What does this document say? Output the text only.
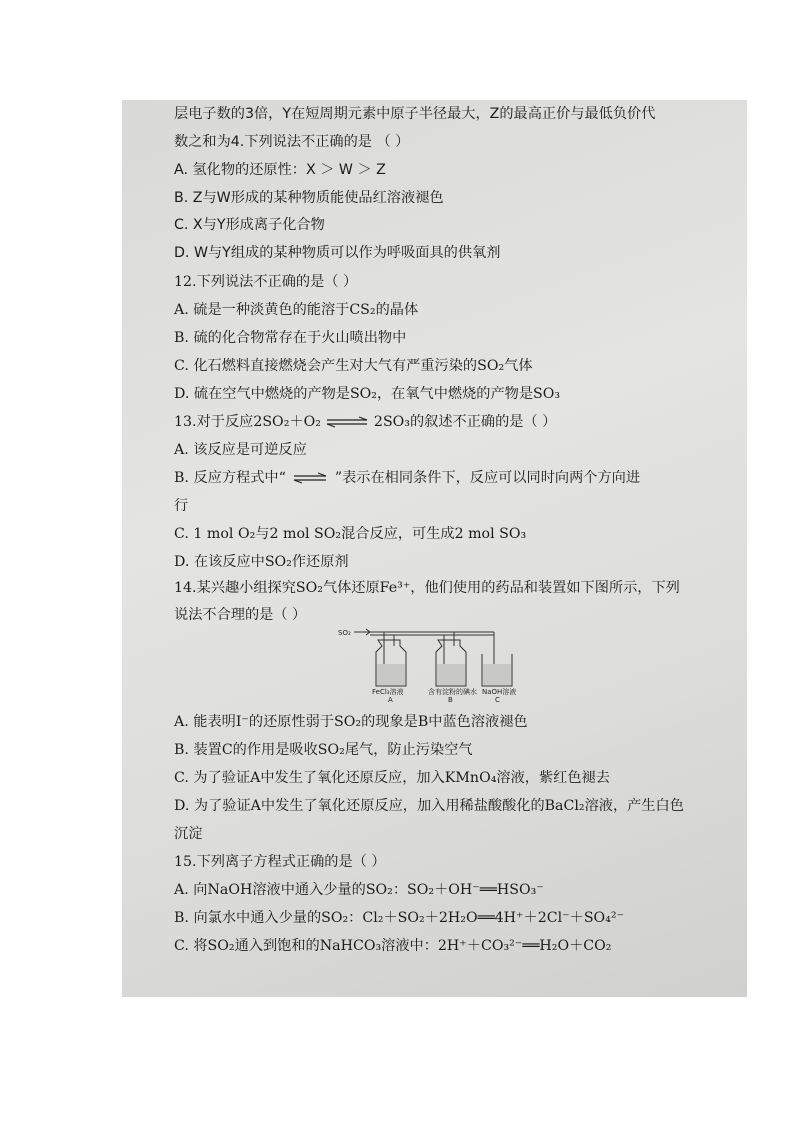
层电子数的3倍，Y在短周期元素中原子半径最大，Z的最高正价与最低负价代
数之和为4.下列说法不正确的是 （ ）
A. 氢化物的还原性：X ＞ W ＞ Z
B. Z与W形成的某种物质能使品红溶液褪色
C. X与Y形成离子化合物
D. W与Y组成的某种物质可以作为呼吸面具的供氧剂
12.下列说法不正确的是（ ）
A. 硫是一种淡黄色的能溶于CS₂的晶体
B. 硫的化合物常存在于火山喷出物中
C. 化石燃料直接燃烧会产生对大气有严重污染的SO₂气体
D. 硫在空气中燃烧的产物是SO₂，在氧气中燃烧的产物是SO₃
13.对于反应2SO₂＋O₂ ⇌ 2SO₃的叙述不正确的是（ ）
A. 该反应是可逆反应
B. 反应方程式中“ ⇌ ”表示在相同条件下，反应可以同时向两个方向进
行
C. 1 mol O₂与2 mol SO₂混合反应，可生成2 mol SO₃
D. 在该反应中SO₂作还原剂
14.某兴趣小组探究SO₂气体还原Fe³⁺，他们使用的药品和装置如下图所示，下列
说法不合理的是（ ）
SO₂
FeCl₃溶液
A
含有淀粉的碘水
B
NaOH溶液
C
A. 能表明I⁻的还原性弱于SO₂的现象是B中蓝色溶液褪色
B. 装置C的作用是吸收SO₂尾气，防止污染空气
C. 为了验证A中发生了氧化还原反应，加入KMnO₄溶液，紫红色褪去
D. 为了验证A中发生了氧化还原反应，加入用稀盐酸酸化的BaCl₂溶液，产生白色
沉淀
15.下列离子方程式正确的是（ ）
A. 向NaOH溶液中通入少量的SO₂：SO₂＋OH⁻══HSO₃⁻
B. 向氯水中通入少量的SO₂：Cl₂＋SO₂＋2H₂O══4H⁺＋2Cl⁻＋SO₄²⁻
C. 将SO₂通入到饱和的NaHCO₃溶液中：2H⁺＋CO₃²⁻══H₂O＋CO₂
